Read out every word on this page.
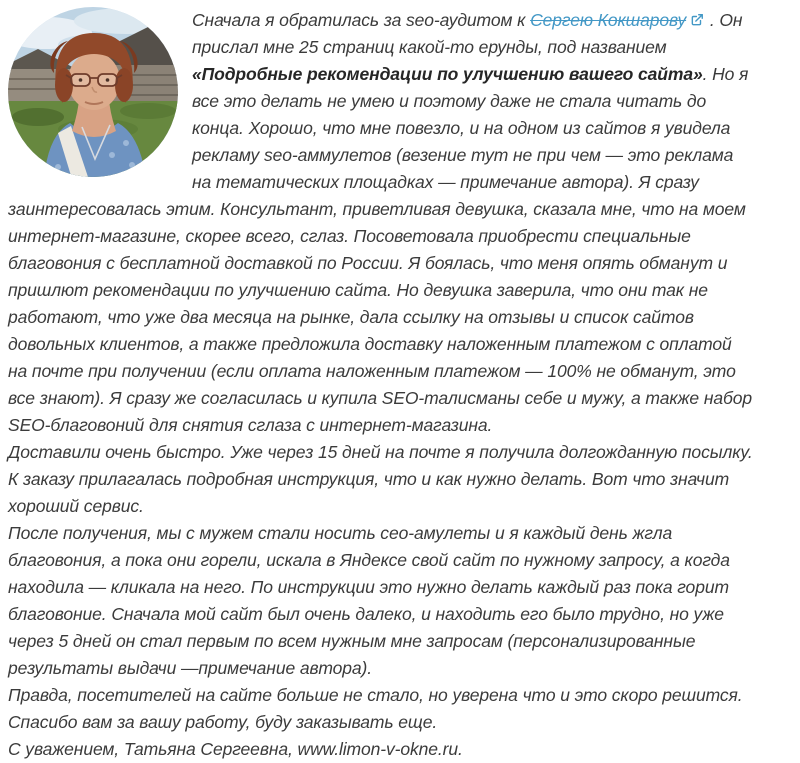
Сначала я обратилась за seo-аудитом к Сергею Кокшарову
. Он прислал мне 25 страниц какой-то ерунды, под названием «Подробные рекомендации по улучшению вашего сайта». Но я все это делать не умею и поэтому даже не стала читать до конца. Хорошо, что мне повезло, и на одном из сайтов я увидела рекламу seo-аммулетов (везение тут не при чем — это реклама на тематических площадках — примечание автора). Я сразу заинтересовалась этим. Консультант, приветливая девушка, сказала мне, что на моем интернет-магазине, скорее всего, сглаз. Посоветовала приобрести специальные благовония с бесплатной доставкой по России. Я боялась, что меня опять обманут и пришлют рекомендации по улучшению сайта. Но девушка заверила, что они так не работают, что уже два месяца на рынке, дала ссылку на отзывы и список сайтов довольных клиентов, а также предложила доставку наложенным платежом с оплатой на почте при получении (если оплата наложенным платежом — 100% не обманут, это все знают). Я сразу же согласилась и купила SEO-талисманы себе и мужу, а также набор SEO-благовоний для снятия сглаза с интернет-магазина.

Доставили очень быстро. Уже через 15 дней на почте я получила долгожданную посылку. К заказу прилагалась подробная инструкция, что и как нужно делать. Вот что значит хороший сервис.

После получения, мы с мужем стали носить сео-амулеты и я каждый день жгла благовония, а пока они горели, искала в Яндексе свой сайт по нужному запросу, а когда находила — кликала на него. По инструкции это нужно делать каждый раз пока горит благовоние. Сначала мой сайт был очень далеко, и находить его было трудно, но уже через 5 дней он стал первым по всем нужным мне запросам (персонализированные результаты выдачи —примечание автора).

Правда, посетителей на сайте больше не стало, но уверена что и это скоро решится.

Спасибо вам за вашу работу, буду заказывать еще.

С уважением, Татьяна Сергеевна, www.limon-v-okne.ru.
